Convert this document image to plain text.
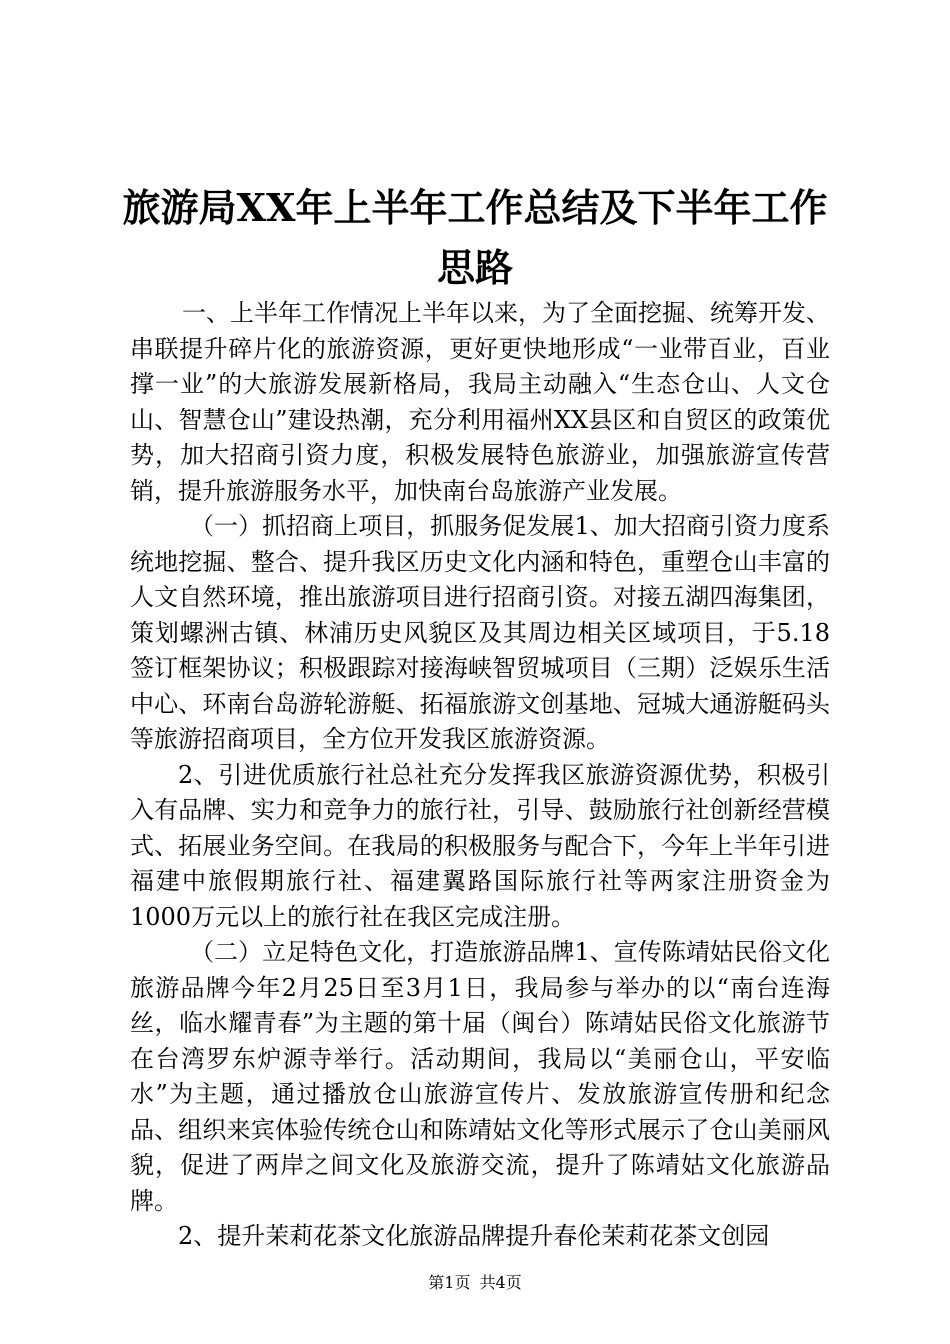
旅游局XX年上半年工作总结及下半年工作思路

一、上半年工作情况上半年以来，为了全面挖掘、统筹开发、串联提升碎片化的旅游资源，更好更快地形成“一业带百业，百业撑一业”的大旅游发展新格局，我局主动融入“生态仓山、人文仓山、智慧仓山”建设热潮，充分利用福州XX县区和自贸区的政策优势，加大招商引资力度，积极发展特色旅游业，加强旅游宣传营销，提升旅游服务水平，加快南台岛旅游产业发展。

（一）抓招商上项目，抓服务促发展1、加大招商引资力度系统地挖掘、整合、提升我区历史文化内涵和特色，重塑仓山丰富的人文自然环境，推出旅游项目进行招商引资。对接五湖四海集团，策划螺洲古镇、林浦历史风貌区及其周边相关区域项目，于5.18签订框架协议；积极跟踪对接海峡智贸城项目（三期）泛娱乐生活中心、环南台岛游轮游艇、拓福旅游文创基地、冠城大通游艇码头等旅游招商项目，全方位开发我区旅游资源。

2、引进优质旅行社总社充分发挥我区旅游资源优势，积极引入有品牌、实力和竞争力的旅行社，引导、鼓励旅行社创新经营模式、拓展业务空间。在我局的积极服务与配合下，今年上半年引进福建中旅假期旅行社、福建翼路国际旅行社等两家注册资金为1000万元以上的旅行社在我区完成注册。

（二）立足特色文化，打造旅游品牌1、宣传陈靖姑民俗文化旅游品牌今年2月25日至3月1日，我局参与举办的以“南台连海丝，临水耀青春”为主题的第十届（闽台）陈靖姑民俗文化旅游节在台湾罗东炉源寺举行。活动期间，我局以“美丽仓山，平安临水”为主题，通过播放仓山旅游宣传片、发放旅游宣传册和纪念品、组织来宾体验传统仓山和陈靖姑文化等形式展示了仓山美丽风貌，促进了两岸之间文化及旅游交流，提升了陈靖姑文化旅游品牌。

2、提升茉莉花茶文化旅游品牌提升春伦茉莉花茶文创园

第1页 共4页
